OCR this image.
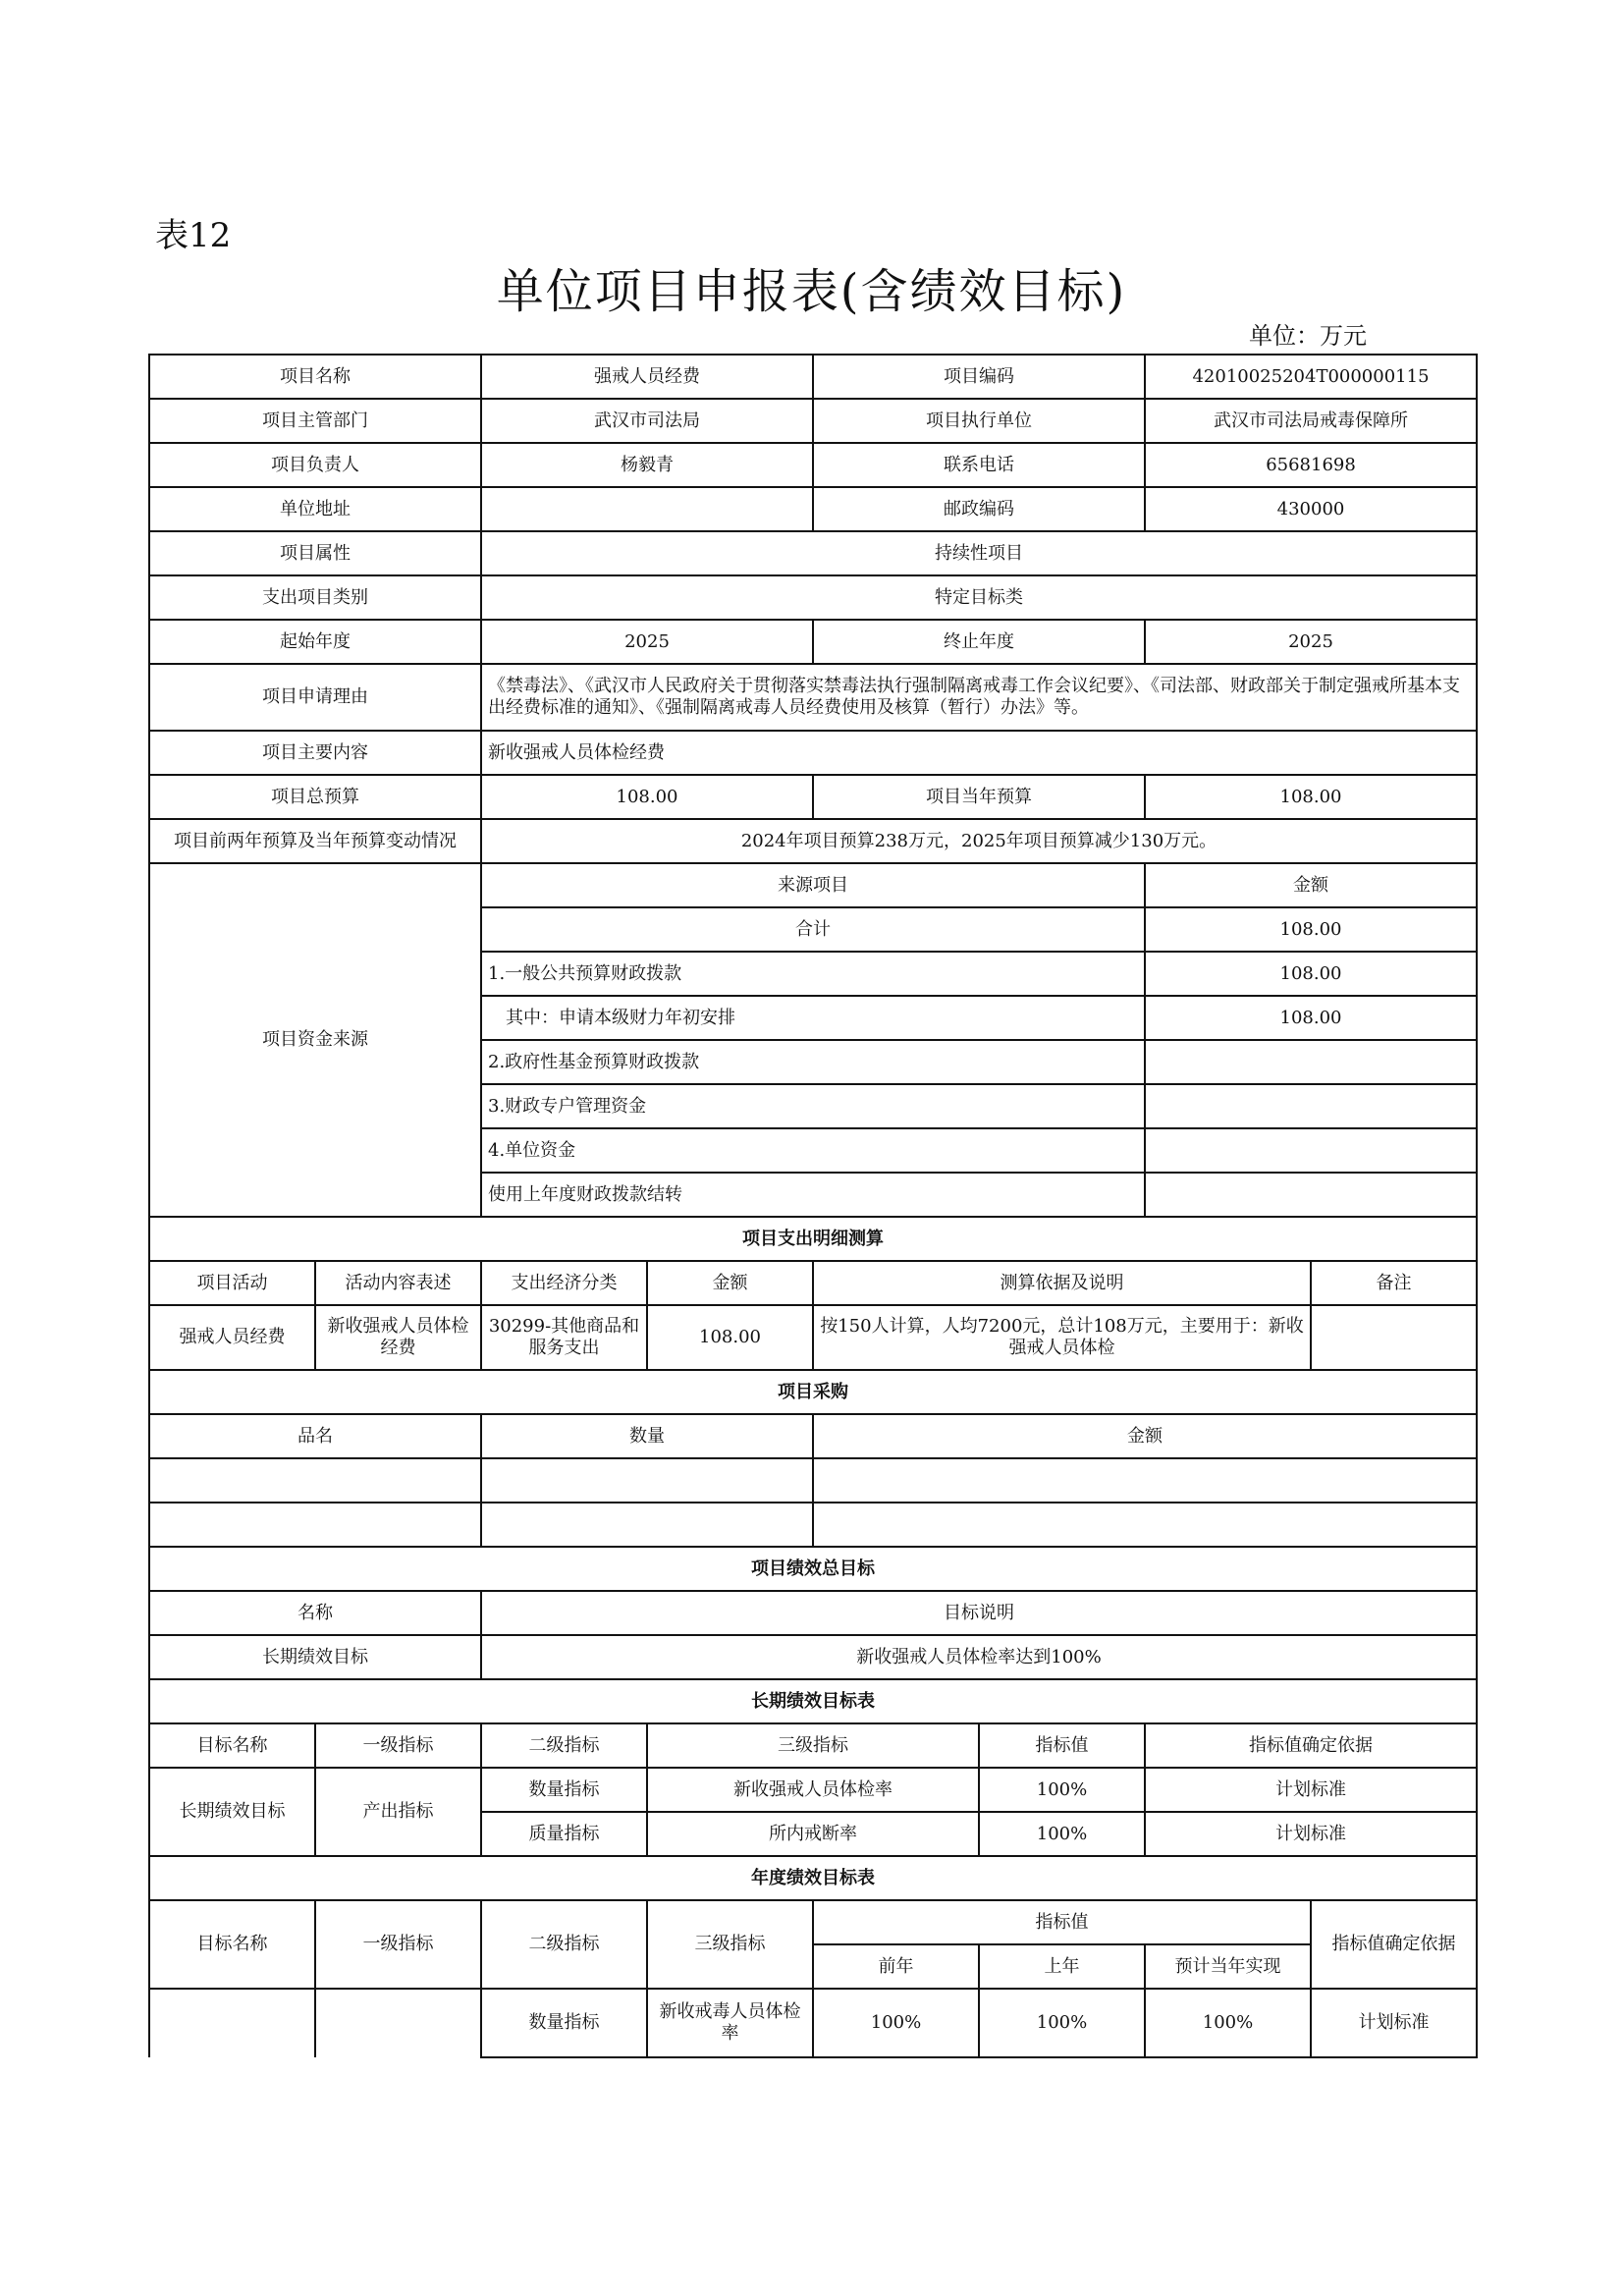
表12
单位项目申报表(含绩效目标)
单位：万元
项目名称		强戒人员经费		项目编码		42010025204T000000115	
项目主管部门		武汉市司法局		项目执行单位		武汉市司法局戒毒保障所	
项目负责人		杨毅青		联系电话		65681698	
单位地址				邮政编码		430000	
项目属性		持续性项目					
支出项目类别		特定目标类					
起始年度		2025		终止年度		2025	
项目申请理由		《禁毒法》、《武汉市人民政府关于贯彻落实禁毒法执行强制隔离戒毒工作会议纪要》、《司法部、财政部关于制定强戒所基本支出经费标准的通知》、《强制隔离戒毒人员经费使用及核算（暂行）办法》等。					
项目主要内容		新收强戒人员体检经费					
项目总预算		108.00		项目当年预算		108.00	
项目前两年预算及当年预算变动情况		2024年项目预算238万元，2025年项目预算减少130万元。					
项目资金来源		来源项目				金额	
		合计				108.00	
		1.一般公共预算财政拨款				108.00	
		　其中：申请本级财力年初安排				108.00	
		2.政府性基金预算财政拨款					
		3.财政专户管理资金					
		4.单位资金					
		使用上年度财政拨款结转					
项目支出明细测算							
项目活动	活动内容表述	支出经济分类	金额	测算依据及说明			备注
强戒人员经费	新收强戒人员体检经费	30299-其他商品和服务支出	108.00	按150人计算，人均7200元，总计108万元，主要用于：新收强戒人员体检			
项目采购							
品名		数量		金额			

项目绩效总目标							
名称		目标说明					
长期绩效目标		新收强戒人员体检率达到100%					
长期绩效目标表							
目标名称	一级指标	二级指标	三级指标		指标值	指标值确定依据	
长期绩效目标	产出指标	数量指标	新收强戒人员体检率		100%	计划标准	
		质量指标	所内戒断率		100%	计划标准	
年度绩效目标表							
目标名称	一级指标	二级指标	三级指标	指标值			指标值确定依据
				前年	上年	预计当年实现	
		数量指标	新收戒毒人员体检率	100%	100%	100%	计划标准
